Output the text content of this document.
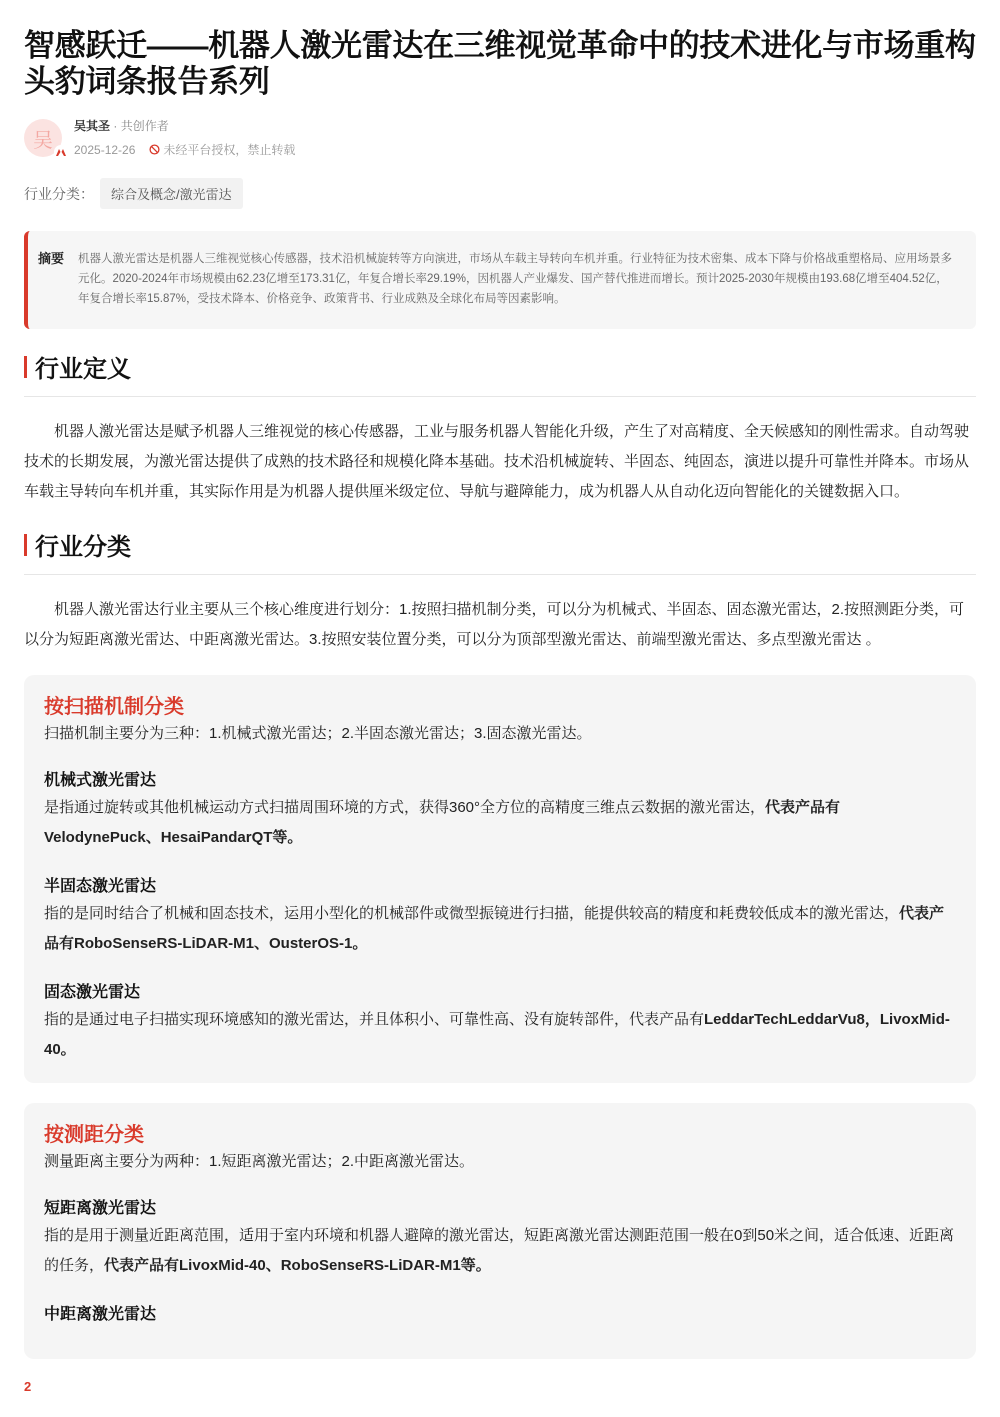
智感跃迁——机器人激光雷达在三维视觉革命中的技术进化与市场重构 头豹词条报告系列
吴
吴其圣 · 共创作者
2025-12-26 未经平台授权，禁止转载
行业分类：	综合及概念/激光雷达
摘要	机器人激光雷达是机器人三维视觉核心传感器，技术沿机械旋转等方向演进，市场从车载主导转向车机并重。行业特征为技术密集、成本下降与价格战重塑格局、应用场景多元化。2020-2024年市场规模由62.23亿增至173.31亿，年复合增长率29.19%，因机器人产业爆发、国产替代推进而增长。预计2025-2030年规模由193.68亿增至404.52亿，年复合增长率15.87%，受技术降本、价格竞争、政策背书、行业成熟及全球化布局等因素影响。
行业定义

机器人激光雷达是赋予机器人三维视觉的核心传感器，工业与服务机器人智能化升级，产生了对高精度、全天候感知的刚性需求。自动驾驶技术的长期发展，为激光雷达提供了成熟的技术路径和规模化降本基础。技术沿机械旋转、半固态、纯固态，演进以提升可靠性并降本。市场从车载主导转向车机并重，其实际作用是为机器人提供厘米级定位、导航与避障能力，成为机器人从自动化迈向智能化的关键数据入口。

行业分类

机器人激光雷达行业主要从三个核心维度进行划分：1.按照扫描机制分类，可以分为机械式、半固态、固态激光雷达，2.按照测距分类，可以分为短距离激光雷达、中距离激光雷达。3.按照安装位置分类，可以分为顶部型激光雷达、前端型激光雷达、多点型激光雷达 。

按扫描机制分类
扫描机制主要分为三种：1.机械式激光雷达；2.半固态激光雷达；3.固态激光雷达。
机械式激光雷达
是指通过旋转或其他机械运动方式扫描周围环境的方式，获得360°全方位的高精度三维点云数据的激光雷达，代表产品有VelodynePuck、HesaiPandarQT等。
半固态激光雷达
指的是同时结合了机械和固态技术，运用小型化的机械部件或微型振镜进行扫描，能提供较高的精度和耗费较低成本的激光雷达，代表产品有RoboSenseRS-LiDAR-M1、OusterOS-1。
固态激光雷达
指的是通过电子扫描实现环境感知的激光雷达，并且体积小、可靠性高、没有旋转部件，代表产品有LeddarTechLeddarVu8，LivoxMid-40。
按测距分类
测量距离主要分为两种：1.短距离激光雷达；2.中距离激光雷达。
短距离激光雷达
指的是用于测量近距离范围，适用于室内环境和机器人避障的激光雷达，短距离激光雷达测距范围一般在0到50米之间，适合低速、近距离的任务，代表产品有LivoxMid-40、RoboSenseRS-LiDAR-M1等。
中距离激光雷达
2
